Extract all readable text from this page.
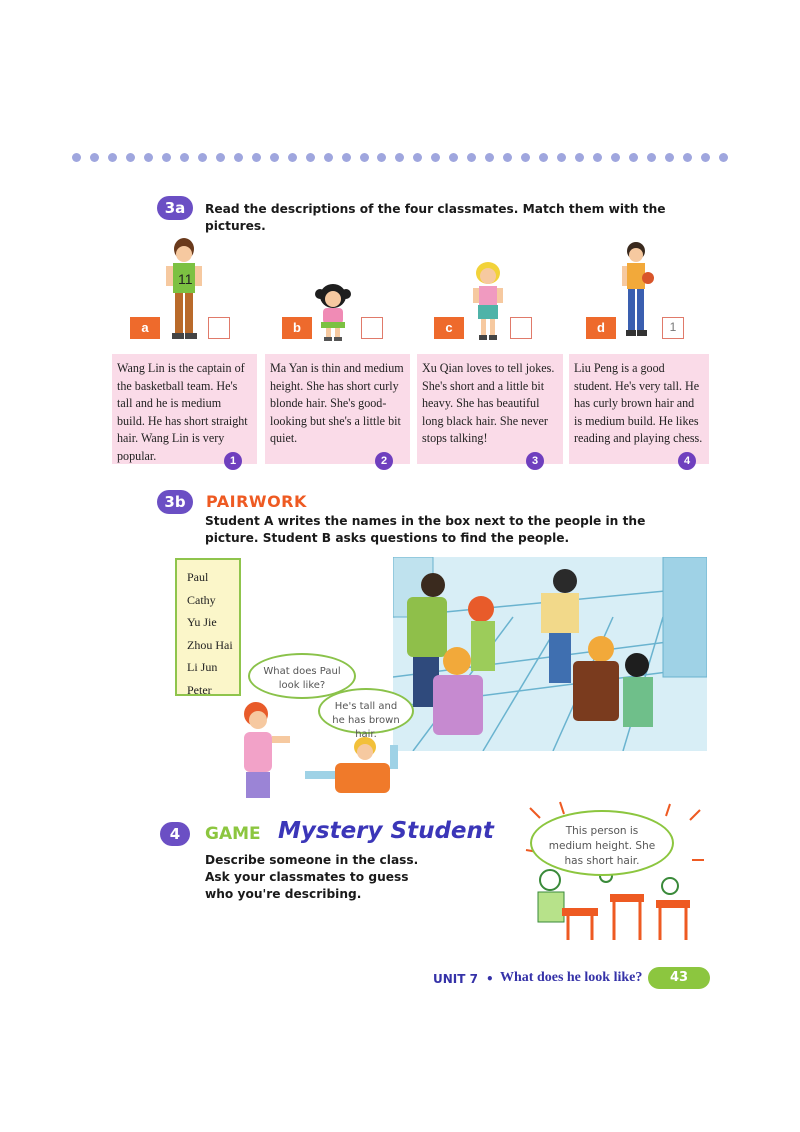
3a	Read the descriptions of the four classmates. Match them with the pictures.
11
a	b	c	d	1
Wang Lin is the captain of the basketball team. He's tall and he is medium build. He has short straight hair. Wang Lin is very popular.	1
Ma Yan is thin and medium height. She has short curly blonde hair. She's good-looking but she's a little bit quiet.
2
Xu Qian loves to tell jokes. She's short and a little bit heavy. She has beautiful long black hair. She never stops talking!
3
Liu Peng is a good student. He's very tall. He has curly brown hair and is medium build. He likes reading and playing chess.
4
3b	PAIRWORK
Student A writes the names in the box next to the people in the picture. Student B asks questions to find the people.
Paul
Cathy
Yu Jie
Zhou Hai
Li Jun
Peter
What does Paul look like?
He's tall and he has brown hair.
4	GAME Mystery Student
Describe someone in the class. Ask your classmates to guess who you're describing.
This person is medium height. She has short hair.
UNIT 7 • What does he look like?	43
